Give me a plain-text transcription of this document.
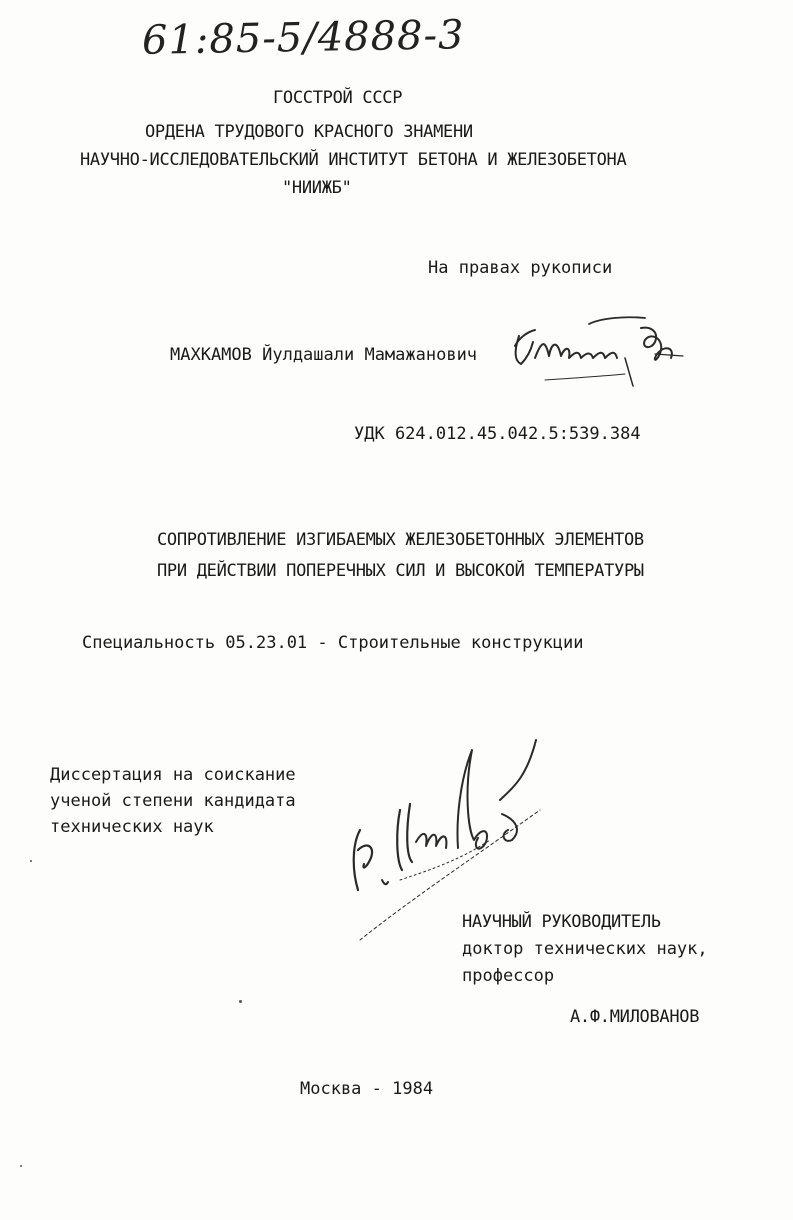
61:85-5/4888-3
ГОССТРОЙ СССР
ОРДЕНА ТРУДОВОГО КРАСНОГО ЗНАМЕНИ
НАУЧНО-ИССЛЕДОВАТЕЛЬСКИЙ ИНСТИТУТ БЕТОНА И ЖЕЛЕЗОБЕТОНА
"НИИЖБ"
На правах рукописи
МАХКАМОВ Йулдашали Мамажанович
УДК 624.012.45.042.5:539.384
СОПРОТИВЛЕНИЕ ИЗГИБАЕМЫХ ЖЕЛЕЗОБЕТОННЫХ ЭЛЕМЕНТОВ
ПРИ ДЕЙСТВИИ ПОПЕРЕЧНЫХ СИЛ И ВЫСОКОЙ ТЕМПЕРАТУРЫ
Специальность 05.23.01 - Строительные конструкции
Диссертация на соискание
ученой степени кандидата
технических наук
НАУЧНЫЙ РУКОВОДИТЕЛЬ
доктор технических наук,
профессор
А.Ф.МИЛОВАНОВ
Москва - 1984
